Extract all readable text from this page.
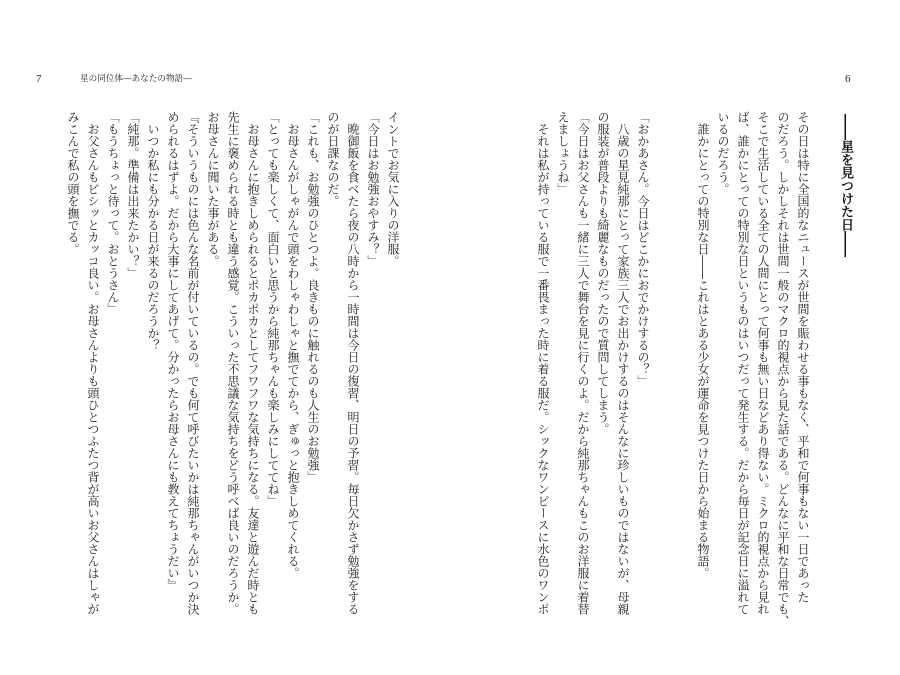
7	星の同位体―あなたの物語―
イントでお気に入りの洋服。
「今日はお勉強おやすみ？」
　晩御飯を食べたら夜の八時から一時間は今日の復習、明日の予習。毎日欠かさず勉強をする
のが日課なのだ。
「これも、お勉強のひとつよ。良きものに触れるのも人生のお勉強」
　お母さんがしゃがんで頭をわしゃわしゃと撫でてから、ぎゅっと抱きしめてくれる。
「とっても楽しくて、面白いと思うから純那ちゃんも楽しみにしててね」
　お母さんに抱きしめられるとポカポカとしてフワフワな気持ちになる。友達と遊んだ時とも
先生に褒められる時とも違う感覚。こういった不思議な気持ちをどう呼べば良いのだろうか。
お母さんに聞いた事がある。
『そういうものには色んな名前が付いているの。でも何て呼びたいかは純那ちゃんがいつか決
められるはずよ。だから大事にしてあげて。分かったらお母さんにも教えてちょうだい』
　いつか私にも分かる日が来るのだろうか？
「純那。準備は出来たかい？」
「もうちょっと待って。おとうさん」
　お父さんもビシッとカッコ良い。お母さんよりも頭ひとつふたつ背が高いお父さんはしゃが
みこんで私の頭を撫でる。
6
――星を見つけた日――
その日は特に全国的なニュースが世間を賑わせる事もなく、平和で何事もない一日であった
のだろう。しかしそれは世間一般のマクロ的視点から見た話である。どんなに平和な日常でも、
そこで生活している全ての人間にとって何事も無い日などあり得ない。ミクロ的視点から見れ
ば、誰かにとっての特別な日というものはいつだって発生する。だから毎日が記念日に溢れて
いるのだろう。
　誰かにとっての特別な日――これはとある少女が運命を見つけた日から始まる物語。
「おかあさん。今日はどこかにおでかけするの？」
　八歳の星見純那にとって家族三人でお出かけするのはそんなに珍しいものではないが、母親
の服装が普段よりも綺麗なものだったので質問してしまう。
「今日はお父さんも一緒に三人で舞台を見に行くのよ。だから純那ちゃんもこのお洋服に着替
えましょうね」
　それは私が持っている服で一番畏まった時に着る服だ。シックなワンピースに水色のワンポ
